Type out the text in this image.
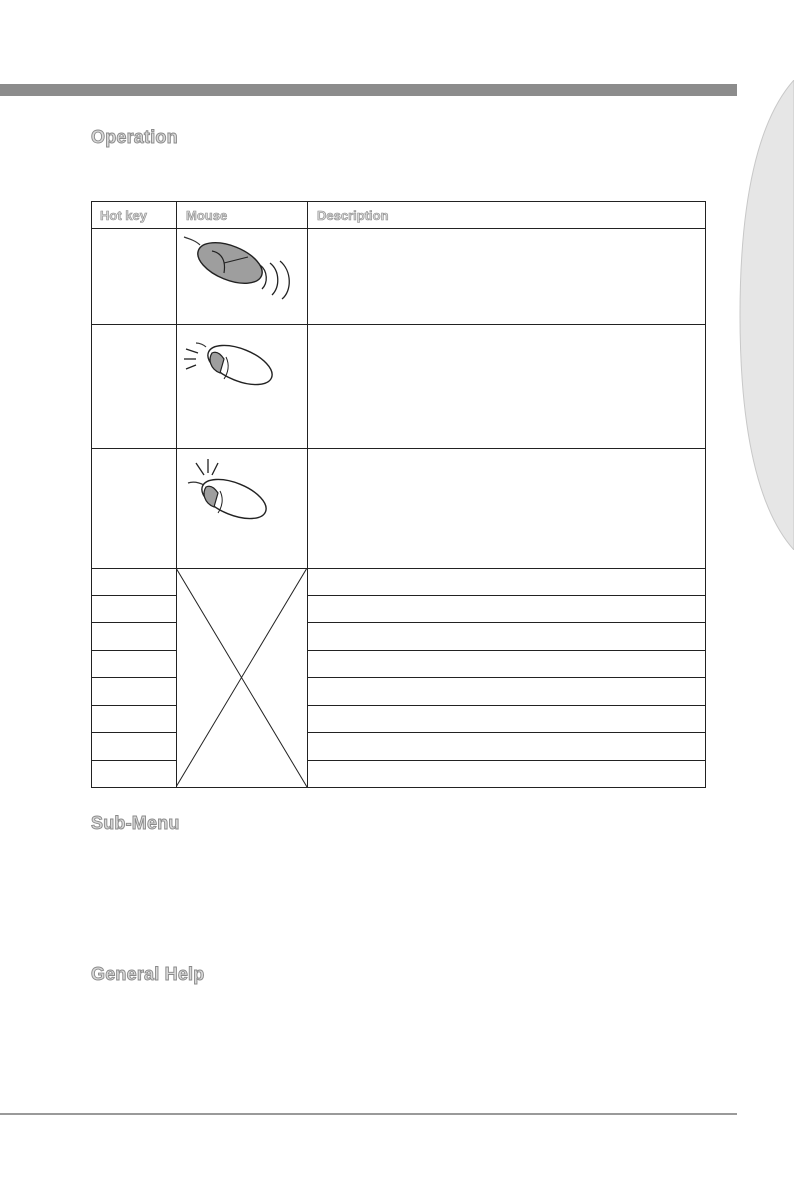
Operation
Hot key	Mouse	Description
Sub-Menu
General Help
